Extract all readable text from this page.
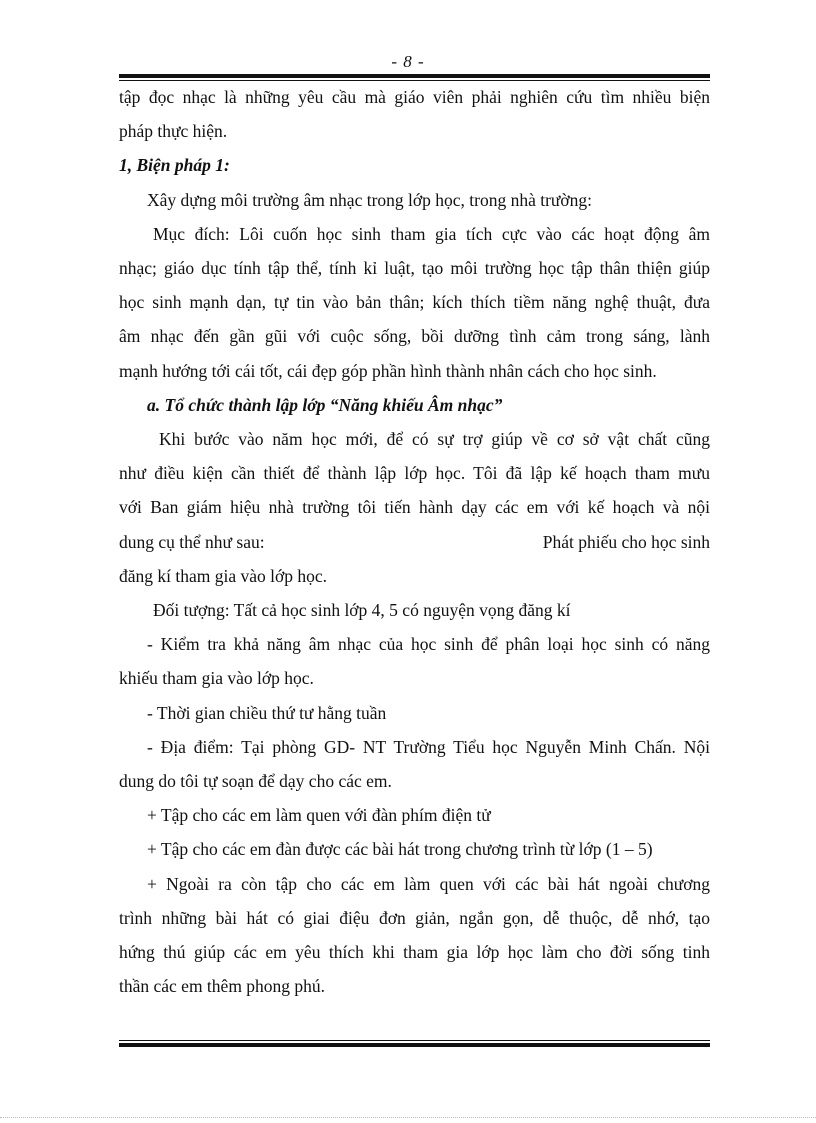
- 8 -

tập đọc nhạc là những yêu cầu mà giáo viên phải nghiên cứu tìm nhiều biện

pháp thực hiện.

1, Biện pháp 1:

Xây dựng môi trường âm nhạc trong lớp học, trong nhà trường:

Mục đích: Lôi cuốn học sinh tham gia tích cực vào các hoạt động âm

nhạc; giáo dục tính tập thể, tính kỉ luật, tạo môi trường học tập thân thiện giúp

học sinh mạnh dạn, tự tin vào bản thân; kích thích tiềm năng nghệ thuật, đưa

âm nhạc đến gần gũi với cuộc sống, bồi dưỡng tình cảm trong sáng, lành

mạnh hướng tới cái tốt, cái đẹp góp phần hình thành nhân cách cho học sinh.

a. Tổ chức thành lập lớp “Năng khiếu Âm nhạc”

Khi bước vào năm học mới, để có sự trợ giúp về cơ sở vật chất cũng

như điều kiện cần thiết để thành lập lớp học. Tôi đã lập kế hoạch tham mưu

với Ban giám hiệu nhà trường tôi tiến hành dạy các em với kế hoạch và nội

dung cụ thể như sau:	Phát phiếu cho học sinh

đăng kí tham gia vào lớp học.

Đối tượng: Tất cả học sinh lớp 4, 5 có nguyện vọng đăng kí

- Kiểm tra khả năng âm nhạc của học sinh để phân loại học sinh có năng

khiếu tham gia vào lớp học.

- Thời gian chiều thứ tư hằng tuần

- Địa điểm: Tại phòng GD- NT Trường Tiểu học Nguyễn Minh Chấn. Nội

dung do tôi tự soạn để dạy cho các em.

+ Tập cho các em làm quen với đàn phím điện tử

+ Tập cho các em đàn được các bài hát trong chương trình từ lớp (1 – 5)

+ Ngoài ra còn tập cho các em làm quen với các bài hát ngoài chương

trình những bài hát có giai điệu đơn giản, ngắn gọn, dễ thuộc, dễ nhớ, tạo

hứng thú giúp các em yêu thích khi tham gia lớp học làm cho đời sống tinh

thần các em thêm phong phú.
